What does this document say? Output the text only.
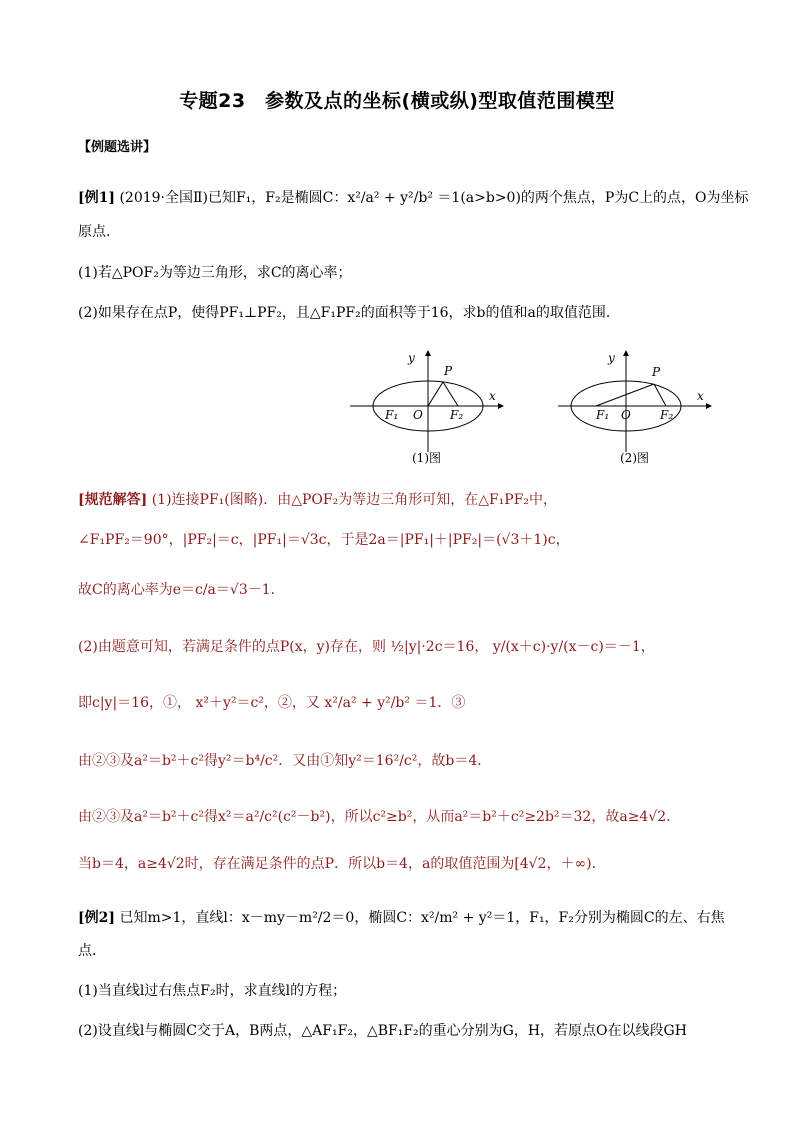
专题23　参数及点的坐标(横或纵)型取值范围模型
【例题选讲】
[例1] (2019·全国Ⅱ)已知F₁，F₂是椭圆C：x²/a² + y²/b² ＝1(a>b>0)的两个焦点，P为C上的点，O为坐标
原点．
(1)若△POF₂为等边三角形，求C的离心率；
(2)如果存在点P，使得PF₁⊥PF₂，且△F₁PF₂的面积等于16，求b的值和a的取值范围．
y
P
x
F₁ O F₂
(1)图
y
P
x
F₁ O F₂
(2)图
[规范解答] (1)连接PF₁(图略)．由△POF₂为等边三角形可知，在△F₁PF₂中，
∠F₁PF₂＝90°，|PF₂|＝c，|PF₁|＝√3c，于是2a＝|PF₁|＋|PF₂|＝(√3＋1)c，
故C的离心率为e＝c/a＝√3－1．
(2)由题意可知，若满足条件的点P(x，y)存在，则 ½|y|·2c＝16， y/(x＋c)·y/(x－c)＝－1，
即c|y|＝16，①， x²＋y²＝c²，②，又 x²/a² + y²/b² ＝1．③
由②③及a²＝b²＋c²得y²＝b⁴/c²．又由①知y²＝16²/c²，故b＝4．
由②③及a²＝b²＋c²得x²＝a²/c²(c²－b²)，所以c²≥b²，从而a²＝b²＋c²≥2b²＝32，故a≥4√2．
当b＝4，a≥4√2时，存在满足条件的点P．所以b＝4，a的取值范围为[4√2，＋∞)．
[例2] 已知m>1，直线l：x－my－m²/2＝0，椭圆C：x²/m² + y²＝1，F₁，F₂分别为椭圆C的左、右焦
点．
(1)当直线l过右焦点F₂时，求直线l的方程；
(2)设直线l与椭圆C交于A，B两点，△AF₁F₂，△BF₁F₂的重心分别为G，H，若原点O在以线段GH
